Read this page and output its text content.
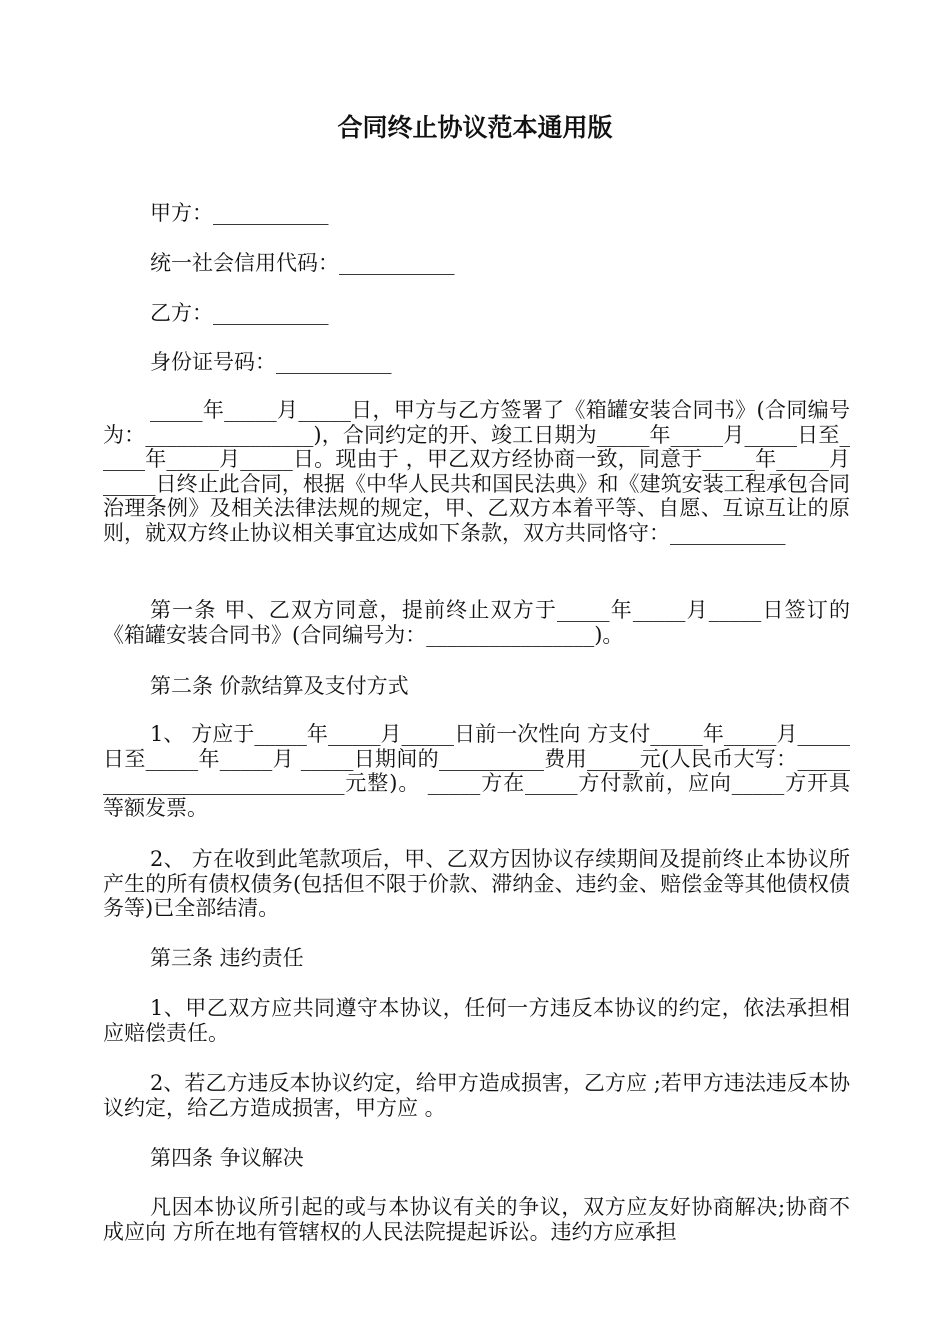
合同终止协议范本通用版
甲方：___________
统一社会信用代码：___________
乙方：___________
身份证号码：___________
_____年_____月_____日，甲方与乙方签署了《箱罐安装合同书》(合同编号为：________________)，合同约定的开、竣工日期为_____年_____月_____日至_____年_____月_____日。现由于 ，甲乙双方经协商一致，同意于_____年_____月_____日终止此合同，根据《中华人民共和国民法典》和《建筑安装工程承包合同治理条例》及相关法律法规的规定，甲、乙双方本着平等、自愿、互谅互让的原则，就双方终止协议相关事宜达成如下条款，双方共同恪守：___________
第一条 甲、乙双方同意，提前终止双方于_____年_____月_____日签订的《箱罐安装合同书》(合同编号为：________________)。
第二条 价款结算及支付方式
1、 方应于_____年_____月_____日前一次性向 方支付_____年_____月_____日至_____年_____月 _____日期间的__________费用_____元(人民币大写：____________________________元整)。 _____方在_____方付款前，应向_____方开具等额发票。
2、 方在收到此笔款项后，甲、乙双方因协议存续期间及提前终止本协议所产生的所有债权债务(包括但不限于价款、滞纳金、违约金、赔偿金等其他债权债务等)已全部结清。
第三条 违约责任
1、甲乙双方应共同遵守本协议，任何一方违反本协议的约定，依法承担相应赔偿责任。
2、若乙方违反本协议约定，给甲方造成损害，乙方应 ;若甲方违法违反本协议约定，给乙方造成损害，甲方应 。
第四条 争议解决
凡因本协议所引起的或与本协议有关的争议，双方应友好协商解决;协商不成应向 方所在地有管辖权的人民法院提起诉讼。违约方应承担
